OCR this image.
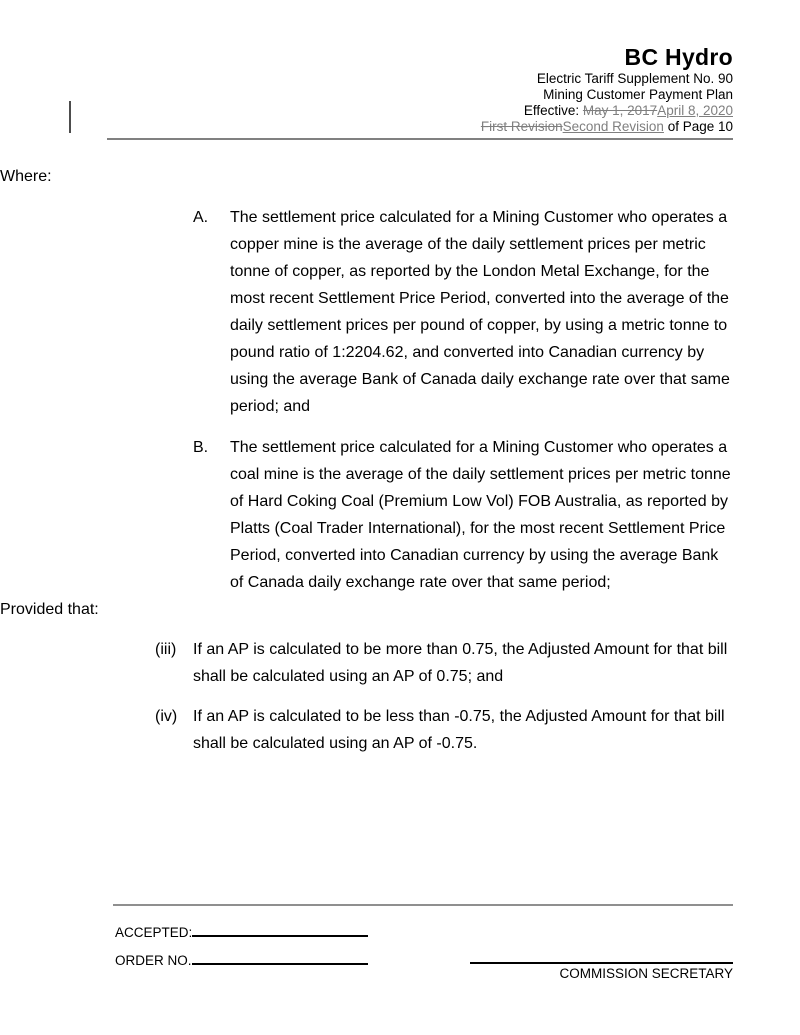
BC Hydro
Electric Tariff Supplement No. 90
Mining Customer Payment Plan
Effective: May 1, 2017April 8, 2020
First RevisionSecond Revision of Page 10

Where:

A. The settlement price calculated for a Mining Customer who operates a copper mine is the average of the daily settlement prices per metric tonne of copper, as reported by the London Metal Exchange, for the most recent Settlement Price Period, converted into the average of the daily settlement prices per pound of copper, by using a metric tonne to pound ratio of 1:2204.62, and converted into Canadian currency by using the average Bank of Canada daily exchange rate over that same period; and

B. The settlement price calculated for a Mining Customer who operates a coal mine is the average of the daily settlement prices per metric tonne of Hard Coking Coal (Premium Low Vol) FOB Australia, as reported by Platts (Coal Trader International), for the most recent Settlement Price Period, converted into Canadian currency by using the average Bank of Canada daily exchange rate over that same period;

Provided that:

(iii) If an AP is calculated to be more than 0.75, the Adjusted Amount for that bill shall be calculated using an AP of 0.75; and

(iv) If an AP is calculated to be less than -0.75, the Adjusted Amount for that bill shall be calculated using an AP of -0.75.

ACCEPTED:
ORDER NO.
COMMISSION SECRETARY
